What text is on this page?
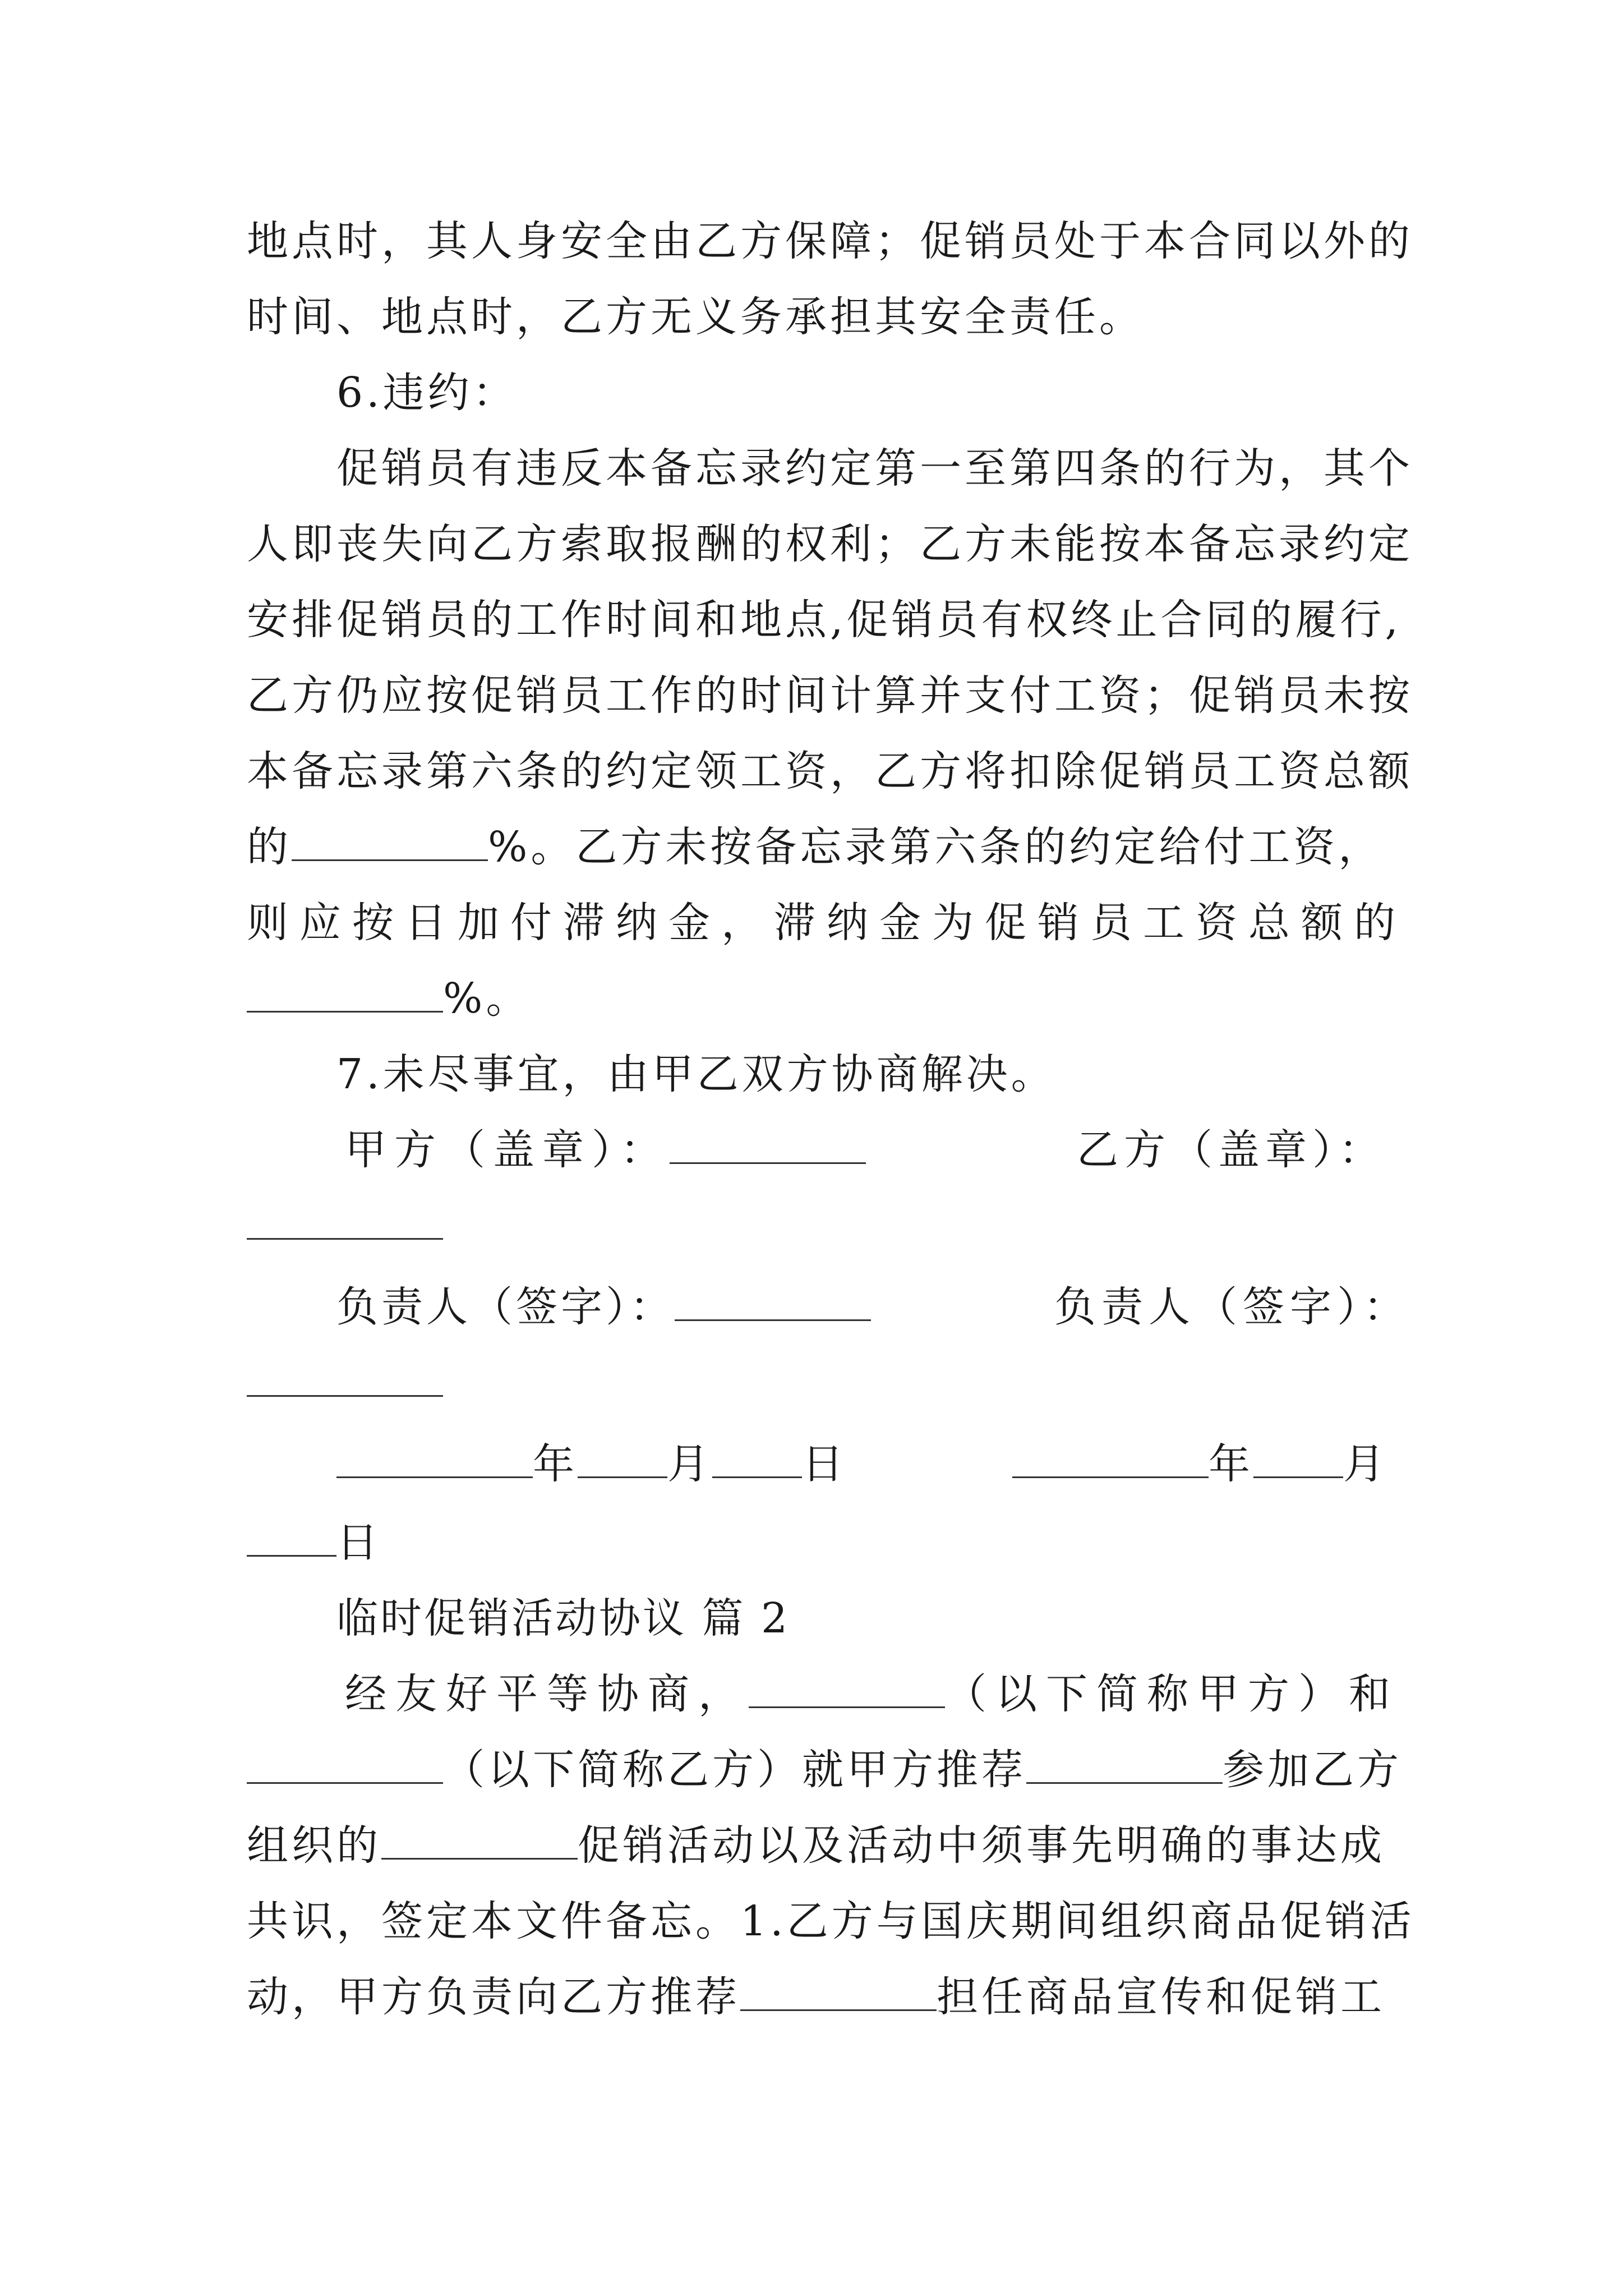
地点时，其人身安全由乙方保障；促销员处于本合同以外的
时间、地点时，乙方无义务承担其安全责任。
6.违约：
促销员有违反本备忘录约定第一至第四条的行为，其个
人即丧失向乙方索取报酬的权利；乙方未能按本备忘录约定
安排促销员的工作时间和地点,促销员有权终止合同的履行,
乙方仍应按促销员工作的时间计算并支付工资；促销员未按
本备忘录第六条的约定领工资，乙方将扣除促销员工资总额
的	%。乙方未按备忘录第六条的约定给付工资，
则应按日加付滞纳金，滞纳金为促销员工资总额的
%。
7.未尽事宜，由甲乙双方协商解决。
甲方（盖章）：	乙方（盖章）：
负责人（签字）：	负责人（签字）：
年 月 日	年 月
日
临时促销活动协议 篇 2
经友好平等协商，	（以下简称甲方）和
（以下简称乙方）就甲方推荐	参加乙方
组织的	促销活动以及活动中须事先明确的事达成
共识，签定本文件备忘。1.乙方与国庆期间组织商品促销活
动，甲方负责向乙方推荐	担任商品宣传和促销工
